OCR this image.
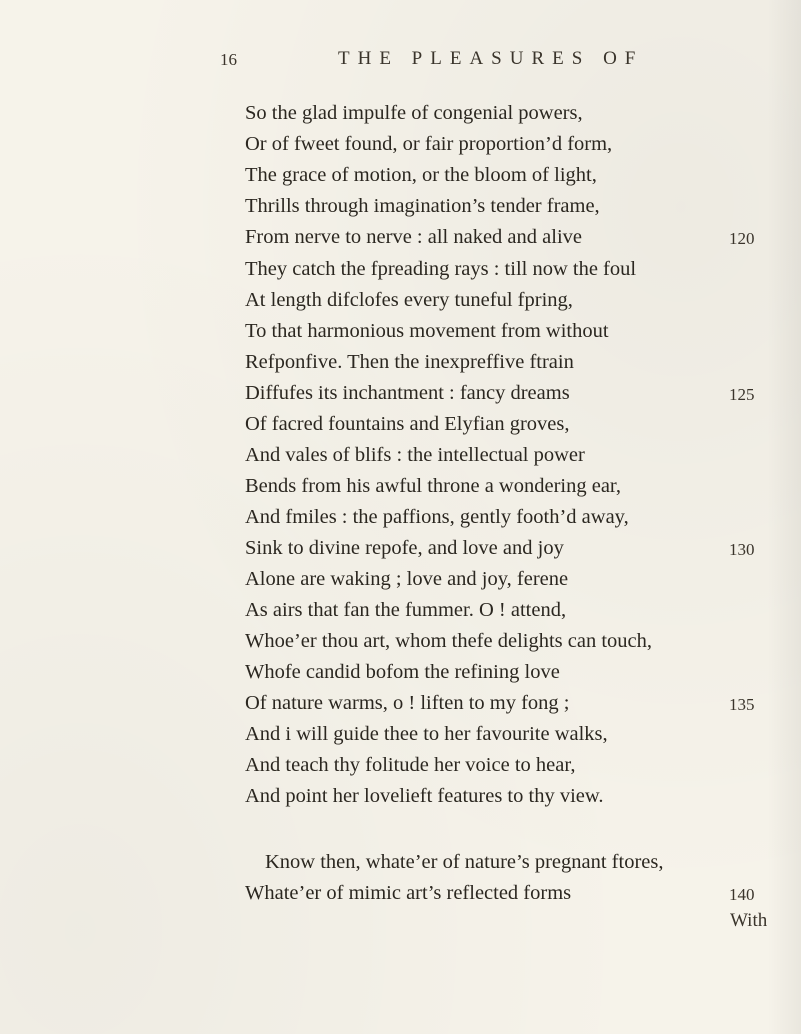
16	THE PLEASURES OF
So the glad impulfe of congenial powers,
Or of fweet found, or fair proportion’d form,
The grace of motion, or the bloom of light,
Thrills through imagination’s tender frame,
From nerve to nerve : all naked and alive
They catch the fpreading rays : till now the foul
At length difclofes every tuneful fpring,
To that harmonious movement from without
Refponfive. Then the inexpreffive ftrain
Diffufes its inchantment : fancy dreams
Of facred fountains and Elyfian groves,
And vales of blifs : the intellectual power
Bends from his awful throne a wondering ear,
And fmiles : the paffions, gently footh’d away,
Sink to divine repofe, and love and joy
Alone are waking ; love and joy, ferene
As airs that fan the fummer. O ! attend,
Whoe’er thou art, whom thefe delights can touch,
Whofe candid bofom the refining love
Of nature warms, o ! liften to my fong ;
And i will guide thee to her favourite walks,
And teach thy folitude her voice to hear,
And point her lovelieft features to thy view.
Know then, whate’er of nature’s pregnant ftores,
Whate’er of mimic art’s reflected forms
120
125
130
135
140
With
